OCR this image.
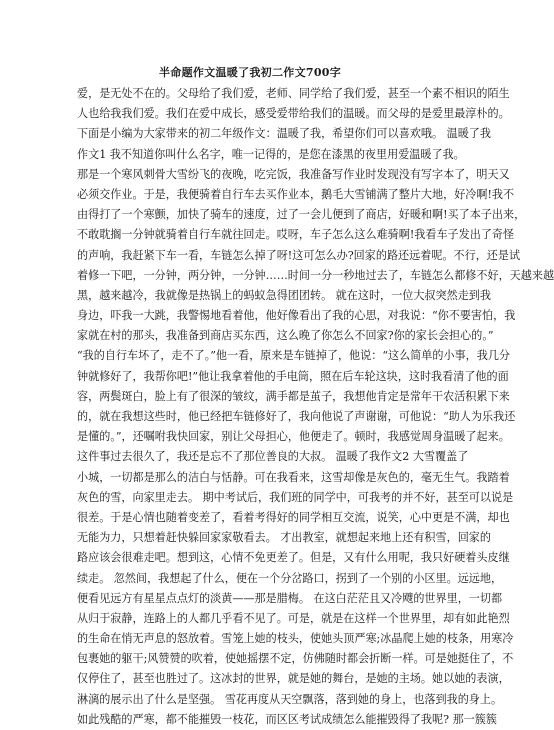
半命题作文温暖了我初二作文700字
爱，是无处不在的。父母给了我们爱，老师、同学给了我们爱，甚至一个素不相识的陌生
人也给我我们爱。我们在爱中成长，感受爱带给我们的温暖。而父母的是爱里最淳朴的。
下面是小编为大家带来的初二年级作文：温暖了我，希望你们可以喜欢哦。 温暖了我
作文1 我不知道你叫什么名字，唯一记得的，是您在漆黑的夜里用爱温暖了我。
那是一个寒风刺骨大雪纷飞的夜晚，吃完饭，我准备写作业时发现没有写字本了，明天又
必须交作业。于是，我便骑着自行车去买作业本，鹅毛大雪铺满了整片大地，好冷啊!我不
由得打了一个寒颤，加快了骑车的速度，过了一会儿便到了商店，好暖和啊!买了本子出来，
不敢耽搁一分钟就骑着自行车就往回走。哎呀，车子怎么这么难骑啊!我看车子发出了奇怪
的声响，我赶紧下车一看，车链怎么掉了呀!这可怎么办?回家的路还远着呢。不行，还是试
着修一下吧，一分钟，两分钟，一分钟……时间一分一秒地过去了，车链怎么都修不好，天越来越
黑，越来越冷，我就像是热锅上的蚂蚁急得团团转。 就在这时，一位大叔突然走到我
身边，吓我一大跳，我警惕地看着他，他好像看出了我的心思，对我说：“你不要害怕，我
家就在村的那头，我准备到商店买东西，这么晚了你怎么不回家?你的家长会担心的。”
“我的自行车坏了，走不了。”他一看，原来是车链掉了，他说：“这么简单的小事，我几分
钟就修好了，我帮你吧!”他让我拿着他的手电筒，照在后车轮这块，这时我看清了他的面
容，两鬓斑白，脸上有了很深的皱纹，满手都是茧子，我想他肯定是常年干农活积累下来
的，就在我想这些时，他已经把车链修好了，我向他说了声谢谢，可他说：“助人为乐我还
是懂的。”，还嘱咐我快回家，别让父母担心，他便走了。顿时，我感觉周身温暖了起来。
这件事过去很久了，我还是忘不了那位善良的大叔。 温暖了我作文2 大雪覆盖了
小城，一切都是那么的洁白与恬静。可在我看来，这雪却像是灰色的，毫无生气。我踏着
灰色的雪，向家里走去。 期中考试后，我们班的同学中，可我考的并不好，甚至可以说是
很差。于是心情也随着变差了，看着考得好的同学相互交流，说笑，心中更是不满，却也
无能为力，只想着赶快躲回家家敬看去。 才出教室，就想起来地上还有积雪，回家的
路应该会很难走吧。想到这，心情不免更差了。但是，又有什么用呢，我只好硬着头皮继
续走。 忽然间，我想起了什么，便在一个分岔路口，拐到了一个别的小区里。远远地，
便看见远方有星星点点灯的淡黄——那是腊梅。 在这白茫茫且又冷飕的世界里，一切都
从归于寂静，连路上的人都几乎看不见了。可是，就是在这样一个世界里，却有如此艳烈
的生命在悄无声息的怒放着。雪笼上她的枝头，使她头顶严寒;冰晶爬上她的枝条，用寒冷
包裹她的躯干;风赞赞的吹着，使她摇摆不定，仿佛随时都会折断一样。可是她挺住了，不
仅停住了，甚至也胜过了。这冰封的世界，就是她的舞台，是她的主场。她以她的表演，
淋漓的展示出了什么是坚强。 雪花再度从天空飘落，落到她的身上，也落到我的身上。
如此残酷的严寒，都不能摧毁一枝花，而区区考试成绩怎么能摧毁得了我呢? 那一簇簇
